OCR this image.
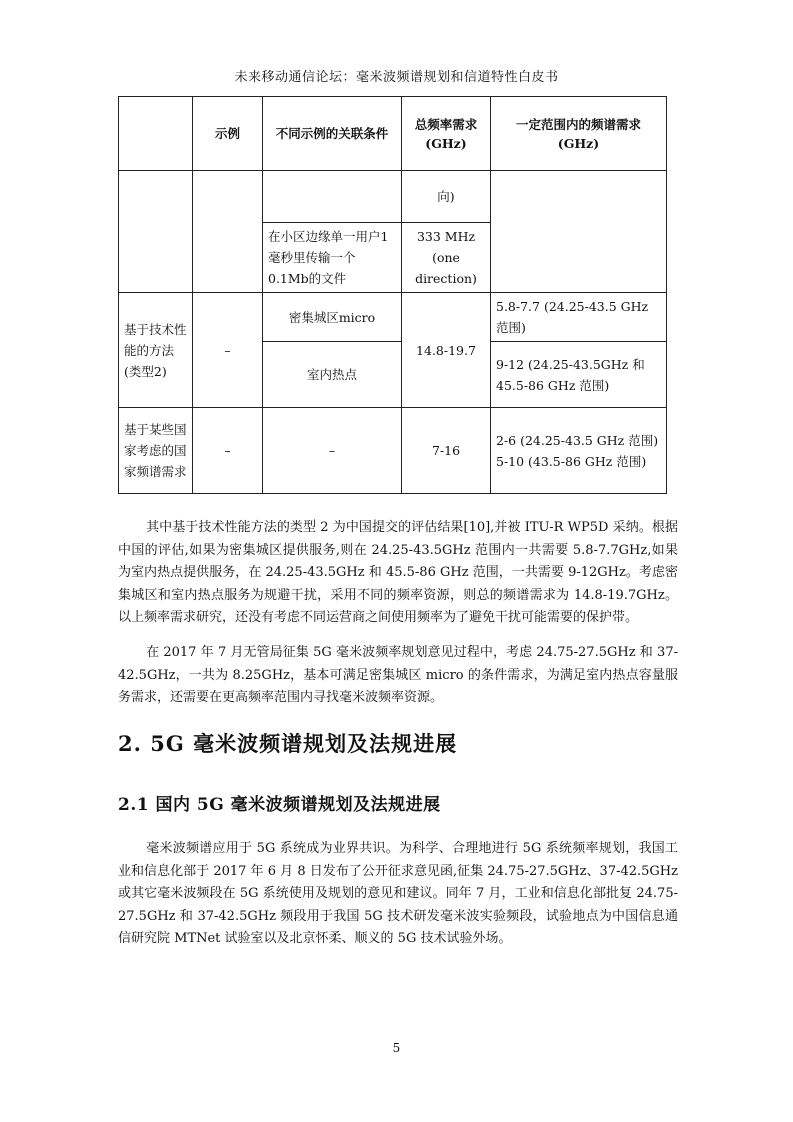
未来移动通信论坛：毫米波频谱规划和信道特性白皮书
	示例	不同示例的关联条件	总频率需求 (GHz)	一定范围内的频谱需求 (GHz)
			向)	
		在小区边缘单一用户1毫秒里传输一个0.1Mb的文件	333 MHz (one direction)	
基于技术性能的方法(类型2)	–	密集城区micro	14.8-19.7	5.8-7.7 (24.25-43.5 GHz 范围)
		室内热点		9-12 (24.25-43.5GHz 和 45.5-86 GHz 范围)
基于某些国家考虑的国家频谱需求	–	–	7-16	2-6 (24.25-43.5 GHz 范围)
5-10 (43.5-86 GHz 范围)

其中基于技术性能方法的类型 2 为中国提交的评估结果[10],并被 ITU-R WP5D 采纳。根据中国的评估,如果为密集城区提供服务,则在 24.25-43.5GHz 范围内一共需要 5.8-7.7GHz,如果为室内热点提供服务，在 24.25-43.5GHz 和 45.5-86 GHz 范围，一共需要 9-12GHz。考虑密集城区和室内热点服务为规避干扰，采用不同的频率资源，则总的频谱需求为 14.8-19.7GHz。以上频率需求研究，还没有考虑不同运营商之间使用频率为了避免干扰可能需要的保护带。

在 2017 年 7 月无管局征集 5G 毫米波频率规划意见过程中，考虑 24.75-27.5GHz 和 37-42.5GHz，一共为 8.25GHz，基本可满足密集城区 micro 的条件需求，为满足室内热点容量服务需求，还需要在更高频率范围内寻找毫米波频率资源。

2. 5G 毫米波频谱规划及法规进展
2.1 国内 5G 毫米波频谱规划及法规进展

毫米波频谱应用于 5G 系统成为业界共识。为科学、合理地进行 5G 系统频率规划，我国工业和信息化部于 2017 年 6 月 8 日发布了公开征求意见函,征集 24.75-27.5GHz、37-42.5GHz 或其它毫米波频段在 5G 系统使用及规划的意见和建议。同年 7 月，工业和信息化部批复 24.75-27.5GHz 和 37-42.5GHz 频段用于我国 5G 技术研发毫米波实验频段，试验地点为中国信息通信研究院 MTNet 试验室以及北京怀柔、顺义的 5G 技术试验外场。

5
